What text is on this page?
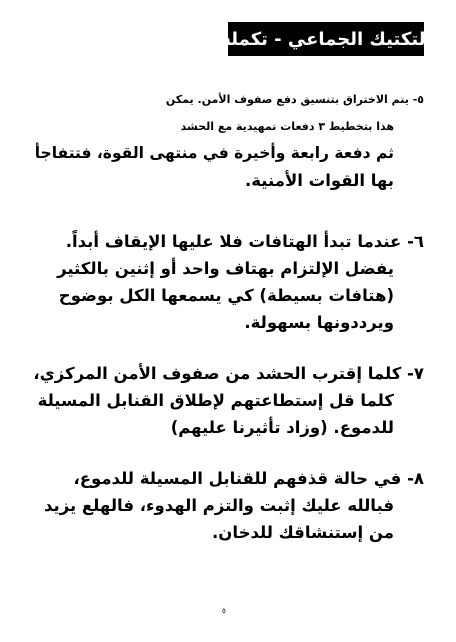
التكتيك الجماعي - تكملة
٥- يتم الاختراق بتنسيق دفع صفوف الأمن. يمكن
هذا بتخطيط ٣ دفعات تمهيدية مع الحشد
ثم دفعة رابعة وأخيرة في منتهى القوة، فتتفاجأ
بها القوات الأمنية.
٦- عندما تبدأ الهتافات فلا عليها الإيقاف أبداً.
يفضل الإلتزام بهتاف واحد أو إثنين بالكثير
(هتافات بسيطة) كي يسمعها الكل بوضوح
ويرددونها بسهولة.
٧- كلما إقترب الحشد من صفوف الأمن المركزي،
كلما قل إستطاعتهم لإطلاق القنابل المسيلة
للدموع. (وزاد تأثيرنا عليهم)
٨- في حالة قذفهم للقنابل المسيلة للدموع،
فبالله عليك إثبت والتزم الهدوء، فالهلع يزيد
من إستنشاقك للدخان.
٥
